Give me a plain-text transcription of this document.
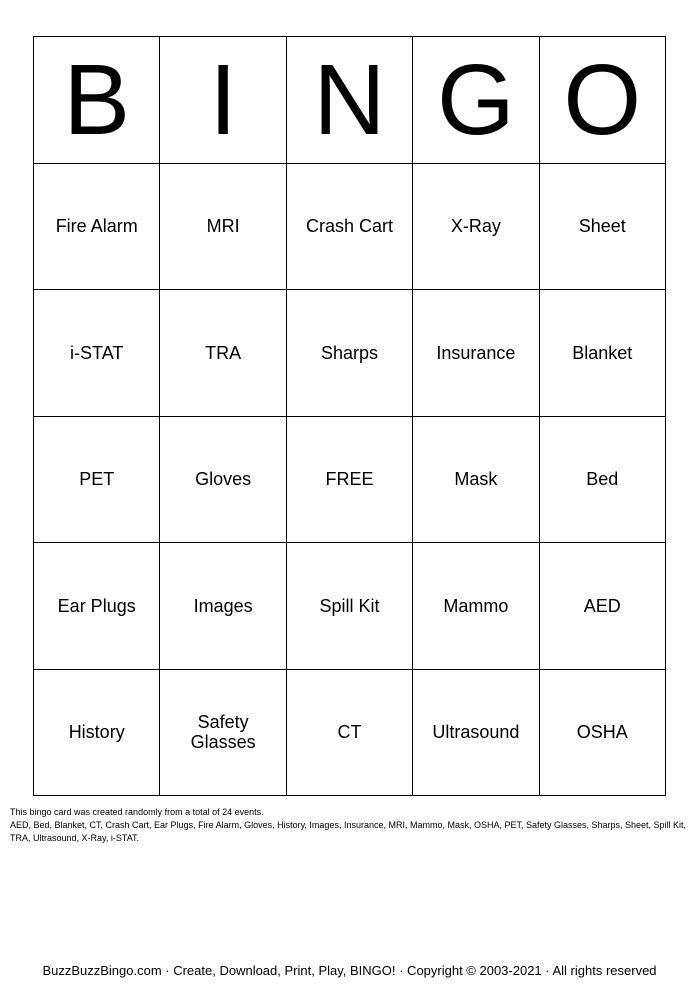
B I N G O
Fire Alarm	MRI	Crash Cart	X-Ray	Sheet
i-STAT	TRA	Sharps	Insurance	Blanket
PET	Gloves	FREE	Mask	Bed
Ear Plugs	Images	Spill Kit	Mammo	AED
History	Safety Glasses	CT	Ultrasound	OSHA
This bingo card was created randomly from a total of 24 events.
AED, Bed, Blanket, CT, Crash Cart, Ear Plugs, Fire Alarm, Gloves, History, Images, Insurance, MRI, Mammo, Mask, OSHA, PET, Safety Glasses, Sharps, Sheet, Spill Kit, TRA, Ultrasound, X-Ray, i-STAT.
BuzzBuzzBingo.com · Create, Download, Print, Play, BINGO! · Copyright © 2003-2021 · All rights reserved
